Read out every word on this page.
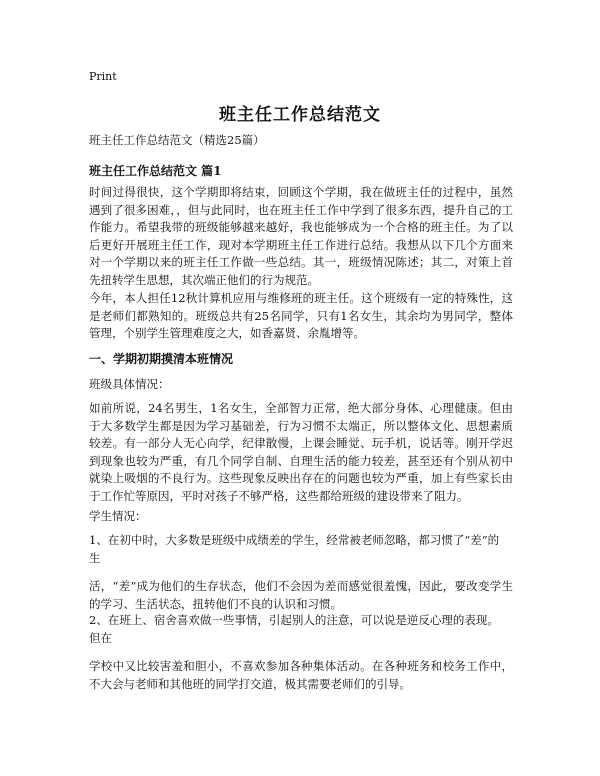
Print
班主任工作总结范文
班主任工作总结范文（精选25篇）
班主任工作总结范文 篇1

时间过得很快，这个学期即将结束，回顾这个学期，我在做班主任的过程中，虽然遇到了很多困难，，但与此同时，也在班主任工作中学到了很多东西，提升自己的工作能力。希望我带的班级能够越来越好，我也能够成为一个合格的班主任。为了以后更好开展班主任工作，现对本学期班主任工作进行总结。我想从以下几个方面来对一个学期以来的班主任工作做一些总结。其一，班级情况陈述；其二，对策上首先扭转学生思想，其次端正他们的行为规范。

今年，本人担任12秋计算机应用与维修班的班主任。这个班级有一定的特殊性，这是老师们都熟知的。班级总共有25名同学，只有1名女生，其余均为男同学，整体管理，个别学生管理难度之大，如香嘉贤、余胤增等。

一、学期初期摸清本班情况

班级具体情况：

如前所说，24名男生，1名女生，全部智力正常，绝大部分身体、心理健康。但由于大多数学生都是因为学习基础差，行为习惯不太端正，所以整体文化、思想素质较差。有一部分人无心向学，纪律散慢，上课会睡觉、玩手机，说话等。刚开学迟到现象也较为严重，有几个同学自制、自理生活的能力较差，甚至还有个别从初中就染上吸烟的不良行为。这些现象反映出存在的问题也较为严重，加上有些家长由于工作忙等原因，平时对孩子不够严格，这些都给班级的建设带来了阻力。

学生情况：

1、在初中时，大多数是班级中成绩差的学生，经常被老师忽略，都习惯了“差”的

生

活，“差”成为他们的生存状态，他们不会因为差而感觉很羞愧，因此，要改变学生的学习、生活状态，扭转他们不良的认识和习惯。

2、在班上、宿舍喜欢做一些事情，引起别人的注意，可以说是逆反心理的表现。

但在

学校中又比较害羞和胆小，不喜欢参加各种集体活动。在各种班务和校务工作中，不大会与老师和其他班的同学打交道，极其需要老师们的引导。
